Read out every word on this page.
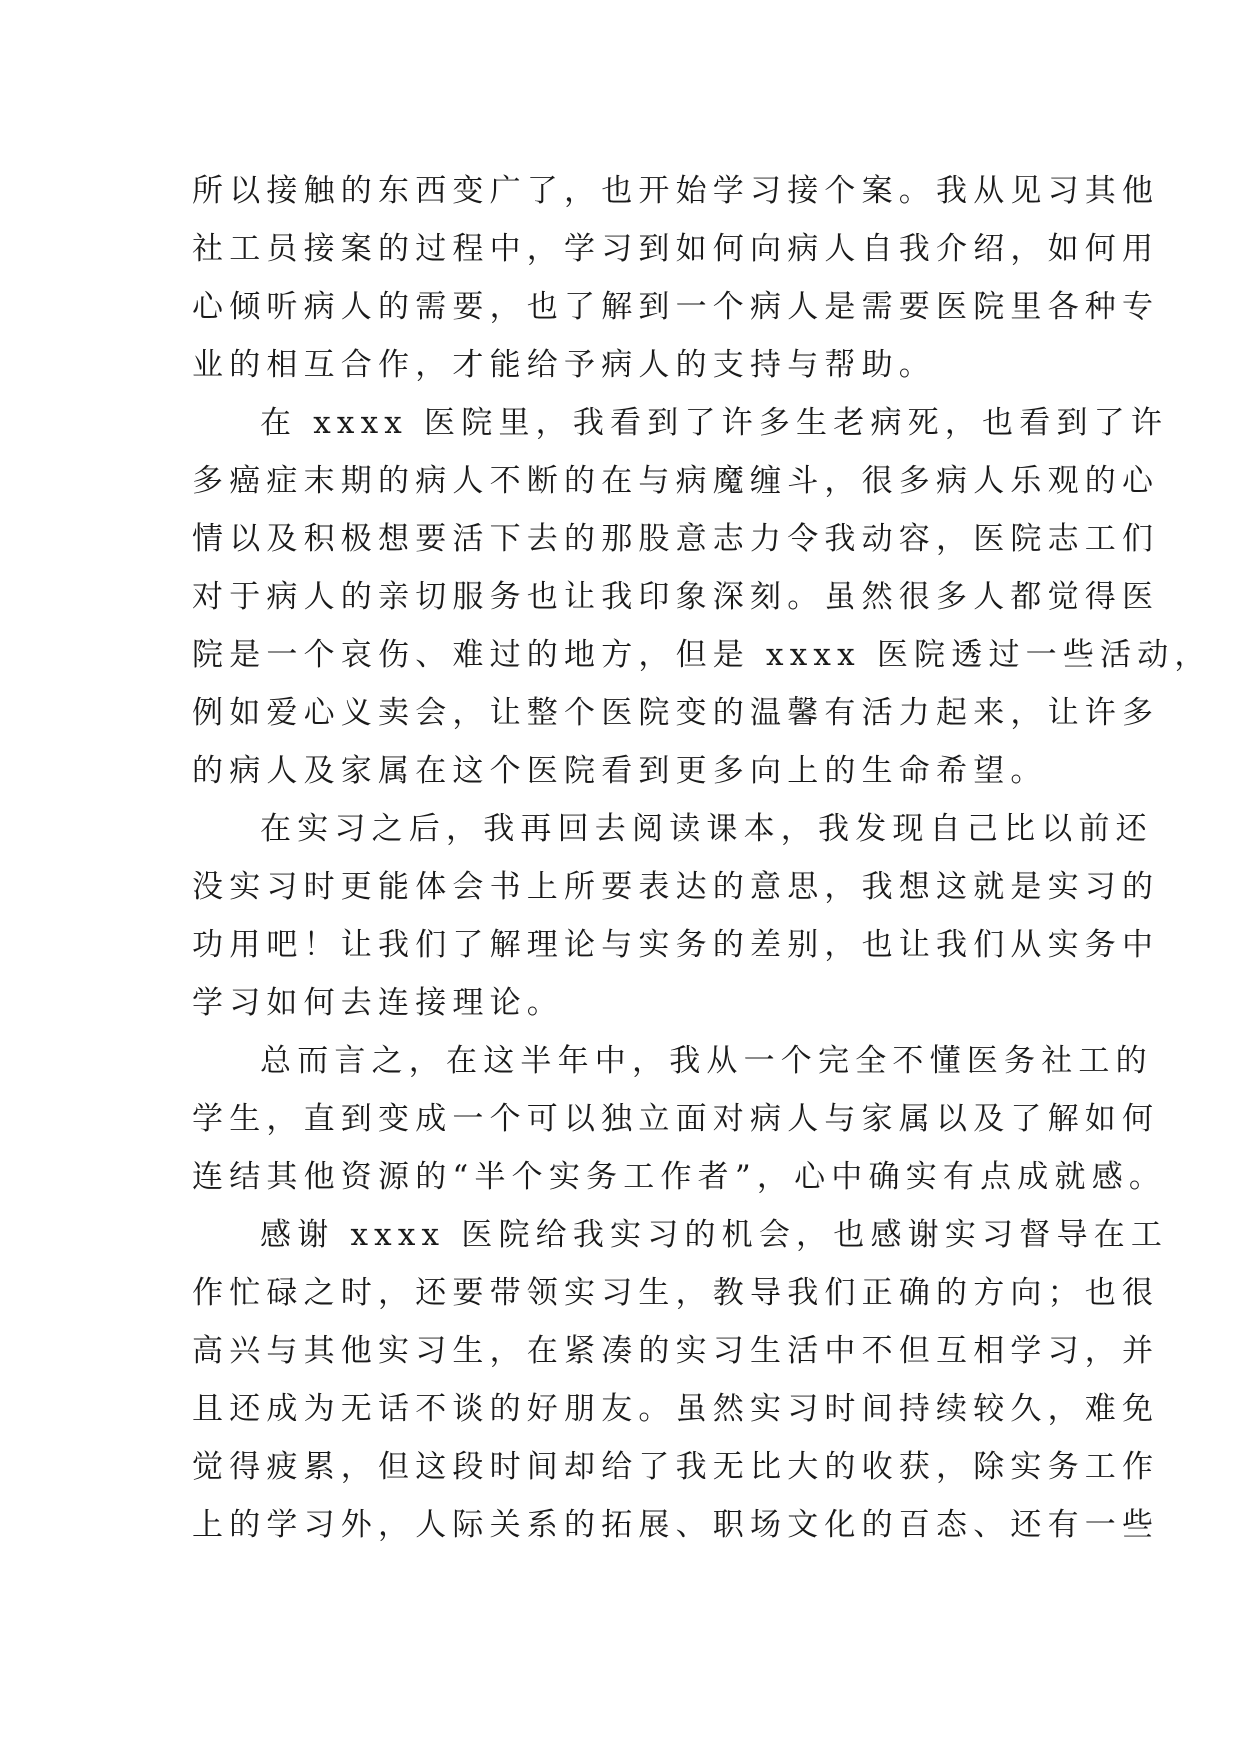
所以接触的东西变广了，也开始学习接个案。我从见习其他
社工员接案的过程中，学习到如何向病人自我介绍，如何用
心倾听病人的需要，也了解到一个病人是需要医院里各种专
业的相互合作，才能给予病人的支持与帮助。
在 xxxx 医院里，我看到了许多生老病死，也看到了许
多癌症末期的病人不断的在与病魔缠斗，很多病人乐观的心
情以及积极想要活下去的那股意志力令我动容，医院志工们
对于病人的亲切服务也让我印象深刻。虽然很多人都觉得医
院是一个哀伤、难过的地方，但是 xxxx 医院透过一些活动，
例如爱心义卖会，让整个医院变的温馨有活力起来，让许多
的病人及家属在这个医院看到更多向上的生命希望。
在实习之后，我再回去阅读课本，我发现自己比以前还
没实习时更能体会书上所要表达的意思，我想这就是实习的
功用吧！让我们了解理论与实务的差别，也让我们从实务中
学习如何去连接理论。
总而言之，在这半年中，我从一个完全不懂医务社工的
学生，直到变成一个可以独立面对病人与家属以及了解如何
连结其他资源的“半个实务工作者”，心中确实有点成就感。
感谢 xxxx 医院给我实习的机会，也感谢实习督导在工
作忙碌之时，还要带领实习生，教导我们正确的方向；也很
高兴与其他实习生，在紧凑的实习生活中不但互相学习，并
且还成为无话不谈的好朋友。虽然实习时间持续较久，难免
觉得疲累，但这段时间却给了我无比大的收获，除实务工作
上的学习外，人际关系的拓展、职场文化的百态、还有一些
